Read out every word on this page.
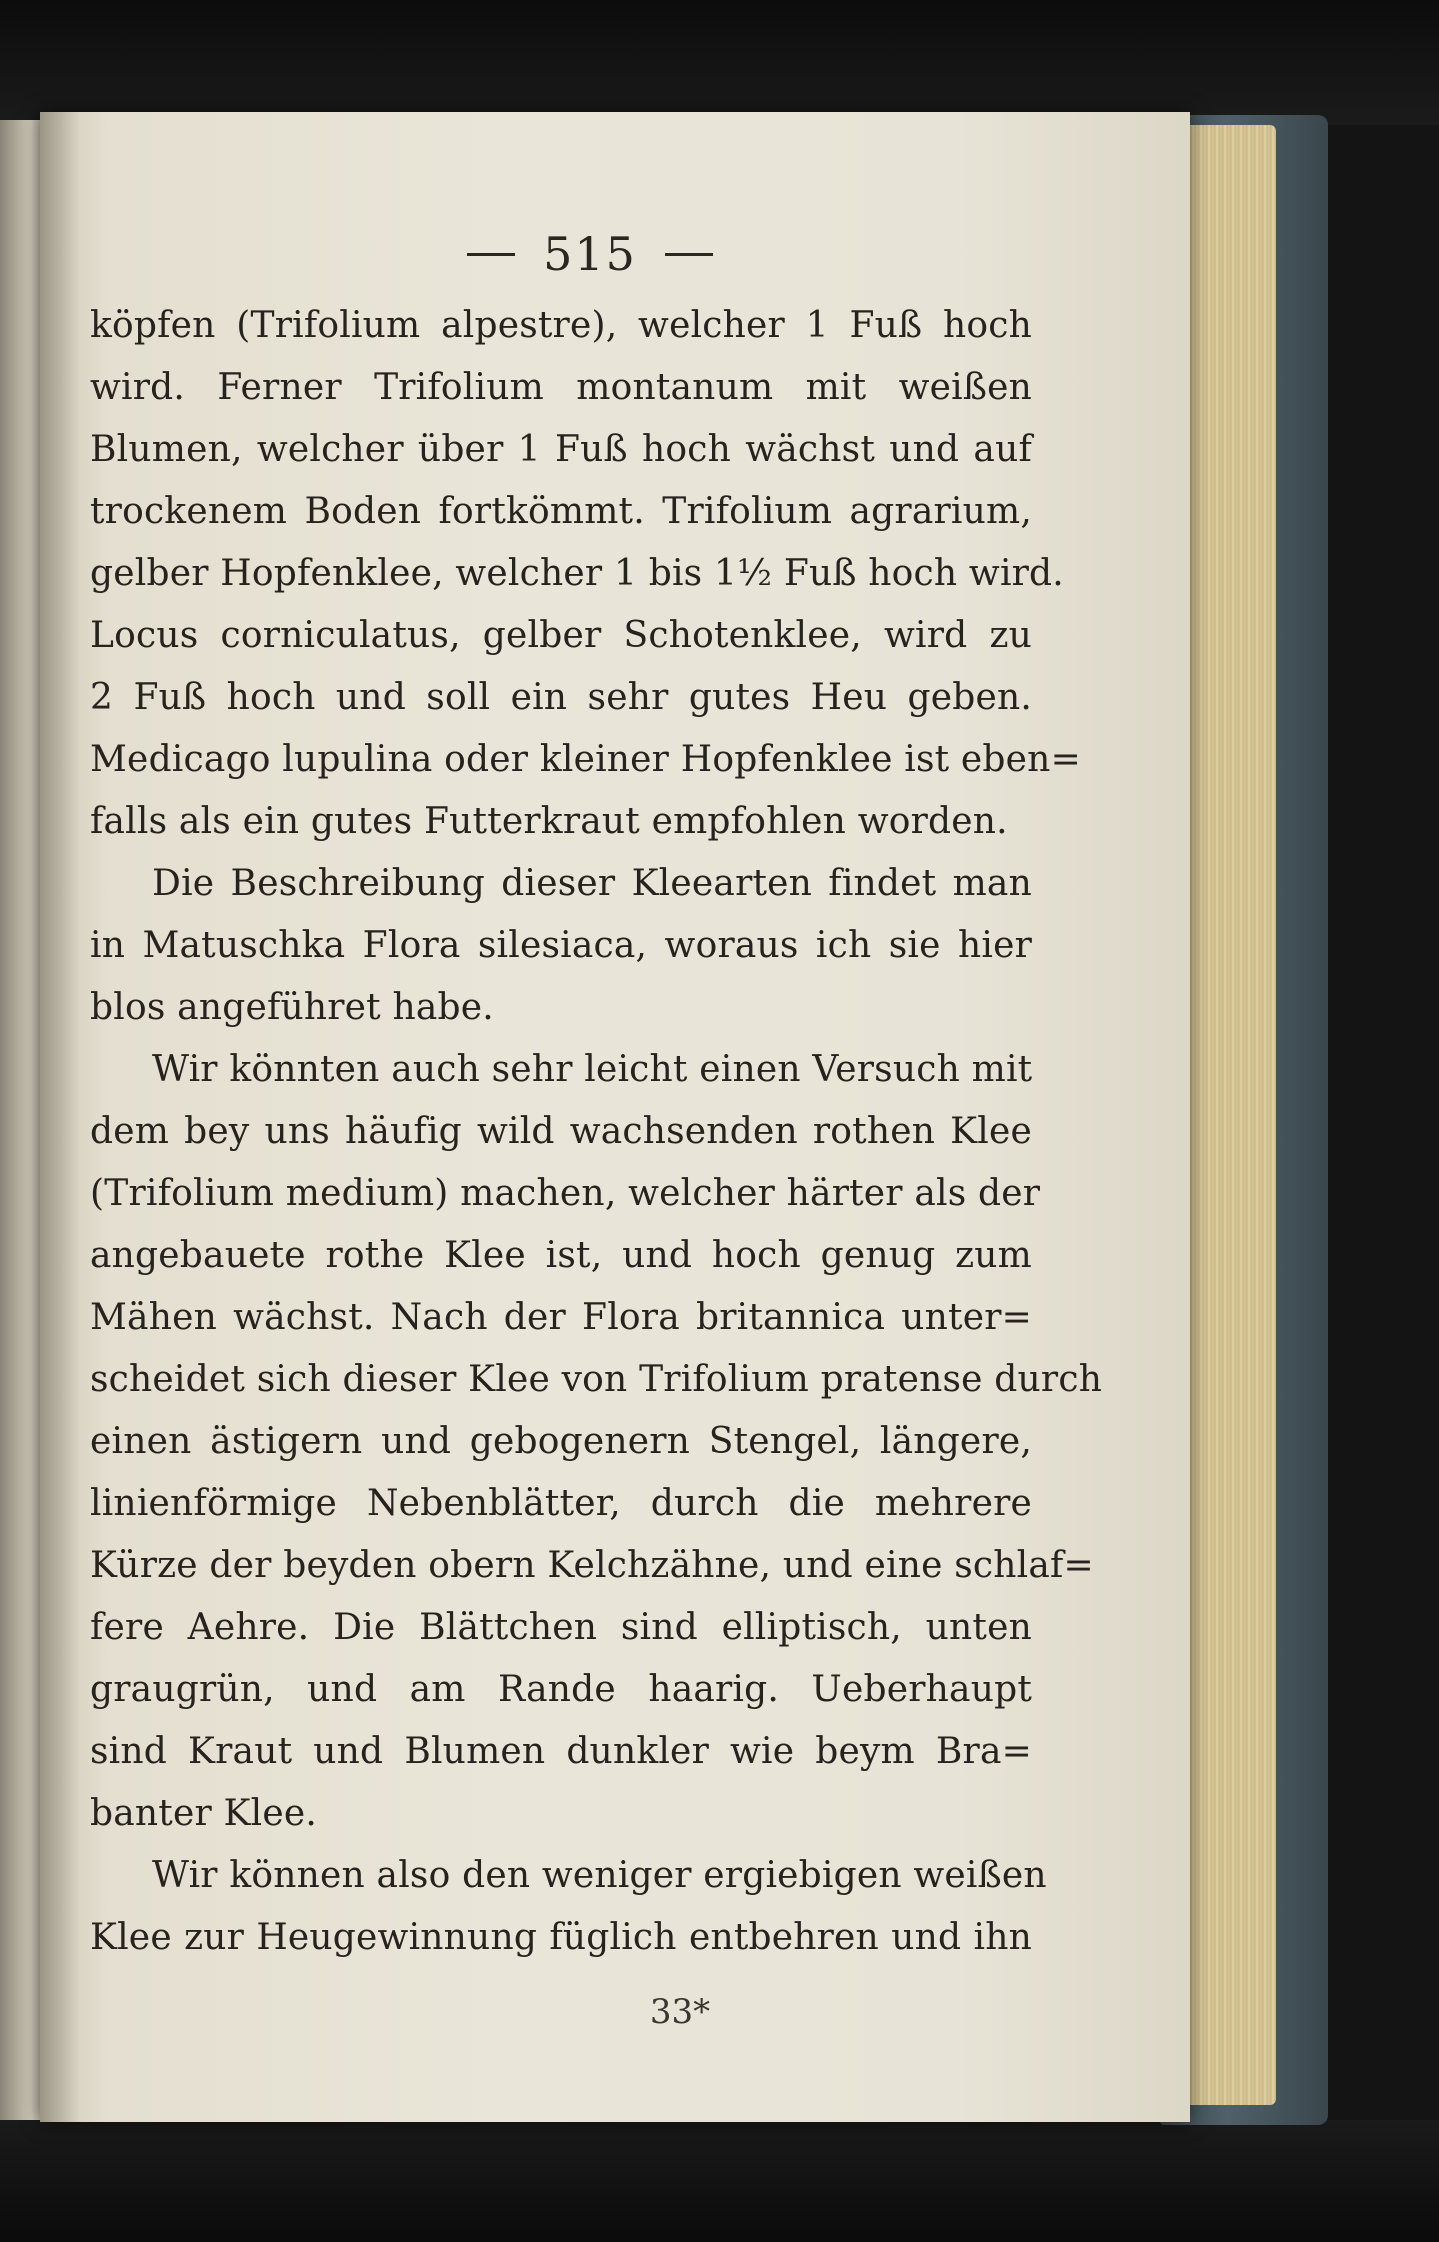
515
köpfen (Trifolium alpestre), welcher 1 Fuß hoch
wird. Ferner Trifolium montanum mit weißen
Blumen, welcher über 1 Fuß hoch wächst und auf
trockenem Boden fortkömmt. Trifolium agrarium,
gelber Hopfenklee, welcher 1 bis 1½ Fuß hoch wird.
Locus corniculatus, gelber Schotenklee, wird zu
2 Fuß hoch und soll ein sehr gutes Heu geben.
Medicago lupulina oder kleiner Hopfenklee ist eben=
falls als ein gutes Futterkraut empfohlen worden.
Die Beschreibung dieser Kleearten findet man
in Matuschka Flora silesiaca, woraus ich sie hier
blos angeführet habe.
Wir könnten auch sehr leicht einen Versuch mit
dem bey uns häufig wild wachsenden rothen Klee
(Trifolium medium) machen, welcher härter als der
angebauete rothe Klee ist, und hoch genug zum
Mähen wächst. Nach der Flora britannica unter=
scheidet sich dieser Klee von Trifolium pratense durch
einen ästigern und gebogenern Stengel, längere,
linienförmige Nebenblätter, durch die mehrere
Kürze der beyden obern Kelchzähne, und eine schlaf=
fere Aehre. Die Blättchen sind elliptisch, unten
graugrün, und am Rande haarig. Ueberhaupt
sind Kraut und Blumen dunkler wie beym Bra=
banter Klee.
Wir können also den weniger ergiebigen weißen
Klee zur Heugewinnung füglich entbehren und ihn
33*
